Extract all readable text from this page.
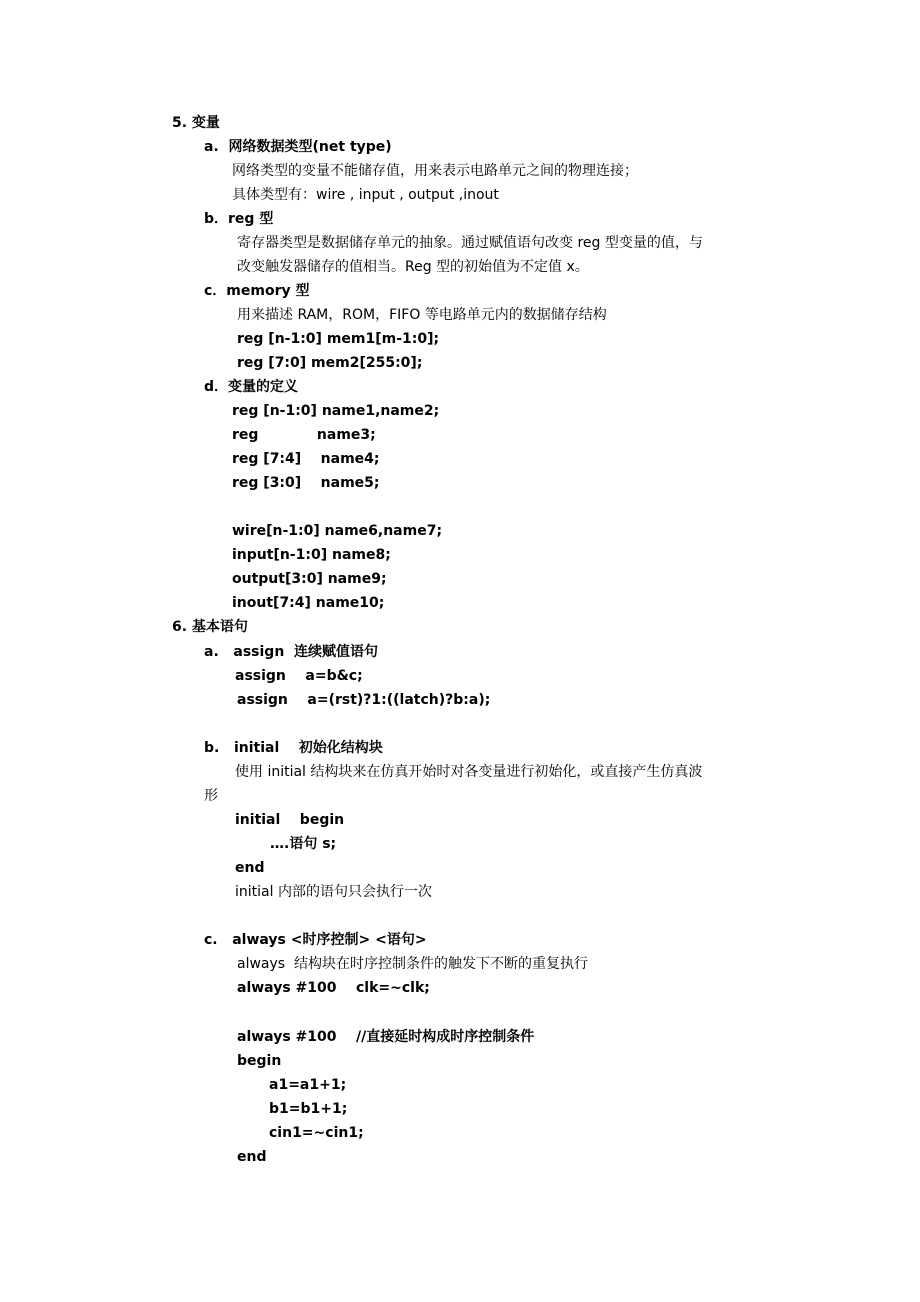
5. 变量
a.  网络数据类型(net type)
网络类型的变量不能储存值，用来表示电路单元之间的物理连接；
具体类型有：wire , input , output ,inout
b．reg 型
寄存器类型是数据储存单元的抽象。通过赋值语句改变 reg 型变量的值，与
改变触发器储存的值相当。Reg 型的初始值为不定值 x。
c．memory 型
用来描述 RAM，ROM，FIFO 等电路单元内的数据储存结构
reg [n-1:0] mem1[m-1:0];
reg [7:0] mem2[255:0];
d．变量的定义
reg [n-1:0] name1,name2;
reg            name3;
reg [7:4]    name4;
reg [3:0]    name5;
wire[n-1:0] name6,name7;
input[n-1:0] name8;
output[3:0] name9;
inout[7:4] name10;
6. 基本语句
a.   assign  连续赋值语句
assign    a=b&c;
assign    a=(rst)?1:((latch)?b:a);
b.   initial    初始化结构块
使用 initial 结构块来在仿真开始时对各变量进行初始化，或直接产生仿真波
形
initial    begin
….语句 s;
end
initial 内部的语句只会执行一次
c.   always <时序控制> <语句>
always  结构块在时序控制条件的触发下不断的重复执行
always #100    clk=~clk;
always #100    //直接延时构成时序控制条件
begin
a1=a1+1;
b1=b1+1;
cin1=~cin1;
end
